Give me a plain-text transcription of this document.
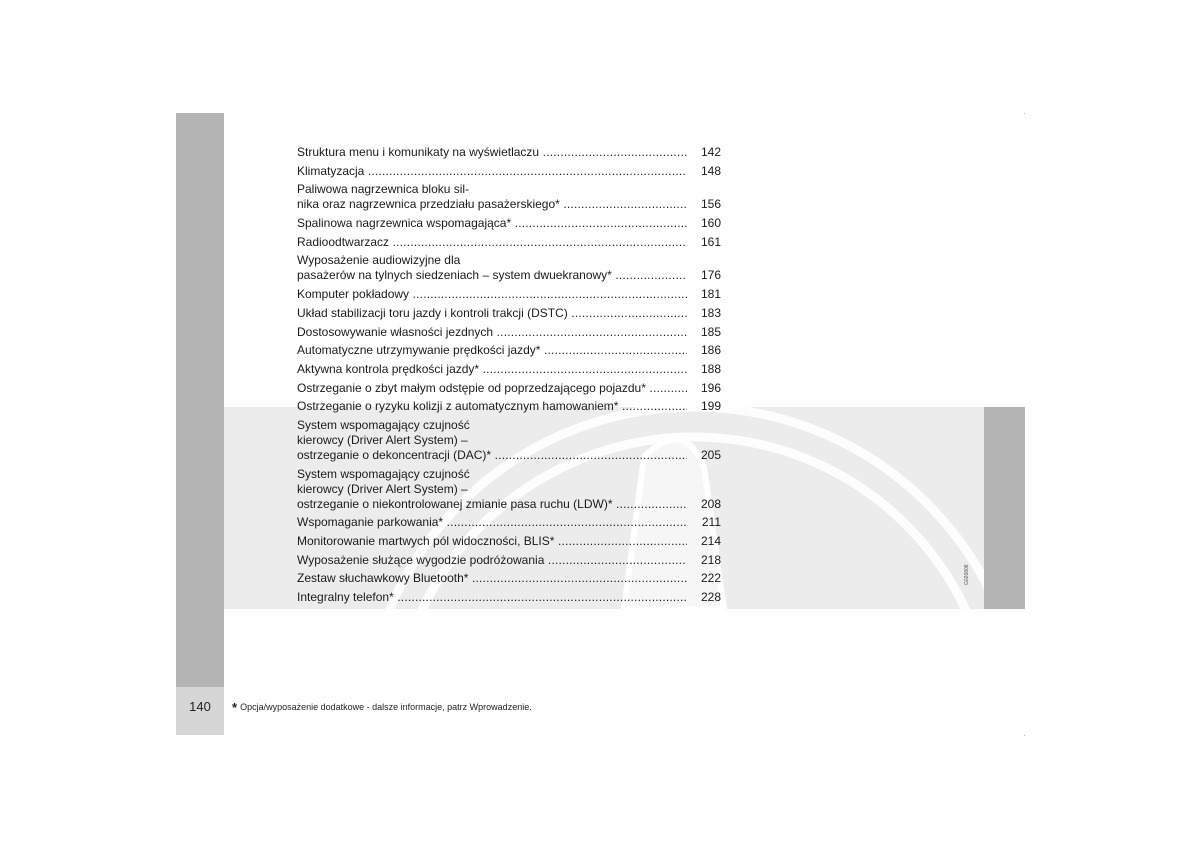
140
G026808
Struktura menu i komunikaty na wyświetlaczu .....	142
Klimatyzacja .....	148
Paliwowa nagrzewnica bloku sil-
nika oraz nagrzewnica przedziału pasażerskiego* .....	156
Spalinowa nagrzewnica wspomagająca* .....	160
Radioodtwarzacz .....	161
Wyposażenie audiowizyjne dla
pasażerów na tylnych siedzeniach – system dwuekranowy* .....	176
Komputer pokładowy .....	181
Układ stabilizacji toru jazdy i kontroli trakcji (DSTC) .....	183
Dostosowywanie własności jezdnych .....	185
Automatyczne utrzymywanie prędkości jazdy* .....	186
Aktywna kontrola prędkości jazdy* .....	188
Ostrzeganie o zbyt małym odstępie od poprzedzającego pojazdu* .....	196
Ostrzeganie o ryzyku kolizji z automatycznym hamowaniem* .....	199
System wspomagający czujność
kierowcy (Driver Alert System) –
ostrzeganie o dekoncentracji (DAC)* .....	205
System wspomagający czujność
kierowcy (Driver Alert System) –
ostrzeganie o niekontrolowanej zmianie pasa ruchu (LDW)* .....	208
Wspomaganie parkowania* .....	211
Monitorowanie martwych pól widoczności, BLIS* .....	214
Wyposażenie służące wygodzie podróżowania .....	218
Zestaw słuchawkowy Bluetooth* .....	222
Integralny telefon* .....	228
* Opcja/wyposażenie dodatkowe - dalsze informacje, patrz Wprowadzenie.
